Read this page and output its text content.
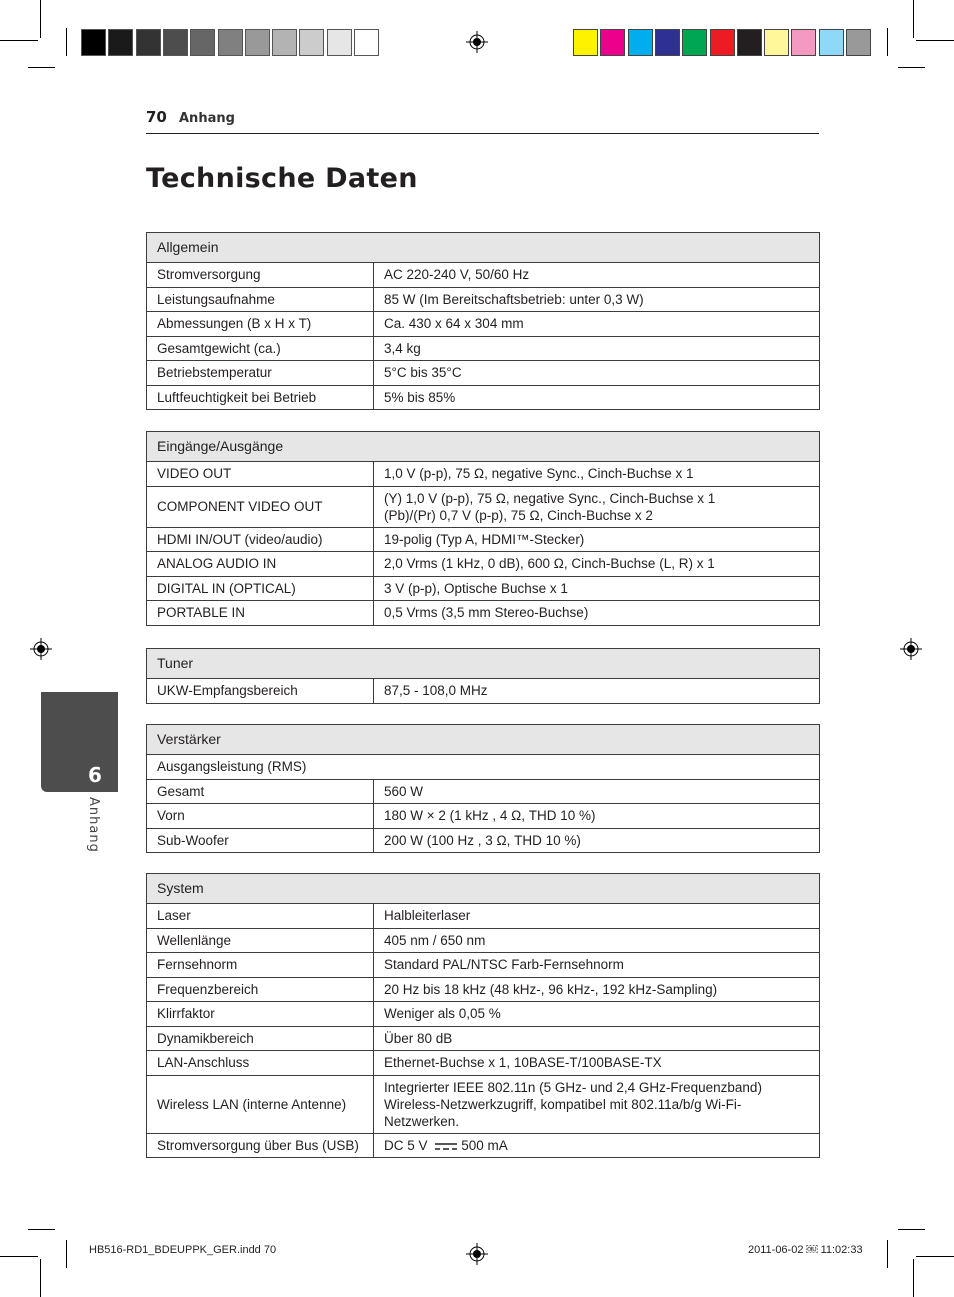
70 Anhang
Technische Daten
6
Anhang
Allgemein	
Stromversorgung	AC 220-240 V, 50/60 Hz
Leistungsaufnahme	85 W (Im Bereitschaftsbetrieb: unter 0,3 W)
Abmessungen (B x H x T)	Ca. 430 x 64 x 304 mm
Gesamtgewicht (ca.)	3,4 kg
Betriebstemperatur	5°C bis 35°C
Luftfeuchtigkeit bei Betrieb	5% bis 85%
Eingänge/Ausgänge	
VIDEO OUT	1,0 V (p-p), 75 Ω, negative Sync., Cinch-Buchse x 1
COMPONENT VIDEO OUT	(Y) 1,0 V (p-p), 75 Ω, negative Sync., Cinch-Buchse x 1
(Pb)/(Pr) 0,7 V (p-p), 75 Ω, Cinch-Buchse x 2

HDMI IN/OUT (video/audio)	19-polig (Typ A, HDMI™-Stecker)
ANALOG AUDIO IN	2,0 Vrms (1 kHz, 0 dB), 600 Ω, Cinch-Buchse (L, R) x 1
DIGITAL IN (OPTICAL)	3 V (p-p), Optische Buchse x 1
PORTABLE IN	0,5 Vrms (3,5 mm Stereo-Buchse)
Tuner
UKW-Empfangsbereich	87,5 - 108,0 MHz
Verstärker	
Ausgangsleistung (RMS)	
Gesamt	560 W
Vorn	180 W × 2 (1 kHz , 4 Ω, THD 10 %)
Sub-Woofer	200 W (100 Hz , 3 Ω, THD 10 %)
System	
Laser	Halbleiterlaser
Wellenlänge	405 nm / 650 nm
Fernsehnorm	Standard PAL/NTSC Farb-Fernsehnorm
Frequenzbereich	20 Hz bis 18 kHz (48 kHz-, 96 kHz-, 192 kHz-Sampling)
Klirrfaktor	Weniger als 0,05 %
Dynamikbereich	Über 80 dB
LAN-Anschluss	Ethernet-Buchse x 1, 10BASE-T/100BASE-TX
Wireless LAN (interne Antenne)	Integrierter IEEE 802.11n (5 GHz- und 2,4 GHz-Frequenzband)
Wireless-Netzwerkzugriff, kompatibel mit 802.11a/b/g Wi-Fi-
Netzwerken.

Stromversorgung über Bus (USB)	DC 5 V 500 mA
HB516-RD1_BDEUPPK_GER.indd 70	2011-06-02 ￼ 11:02:33
